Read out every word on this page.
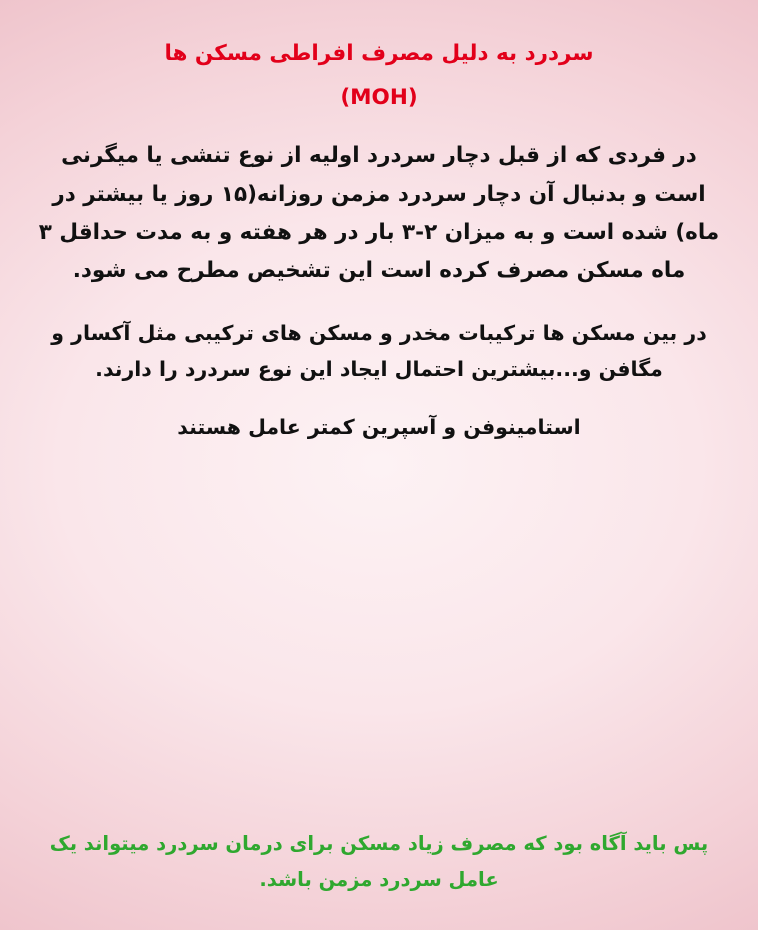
سردرد به دلیل مصرف افراطی مسکن ها
(MOH)

در فردی که از قبل دچار سردرد اولیه از نوع تنشی یا میگرنی است و بدنبال آن دچار سردرد مزمن روزانه(۱۵ روز یا بیشتر در ماه) شده است و به میزان ۲-۳ بار در هر هفته و به مدت حداقل ۳ ماه مسکن مصرف کرده است این تشخیص مطرح می شود.

در بین مسکن ها ترکیبات مخدر و مسکن های ترکیبی مثل آکسار و مگافن و...بیشترین احتمال ایجاد این نوع سردرد را دارند.

استامینوفن و آسپرین کمتر عامل هستند

پس باید آگاه بود که مصرف زیاد مسکن برای درمان سردرد میتواند یک عامل سردرد مزمن باشد.
